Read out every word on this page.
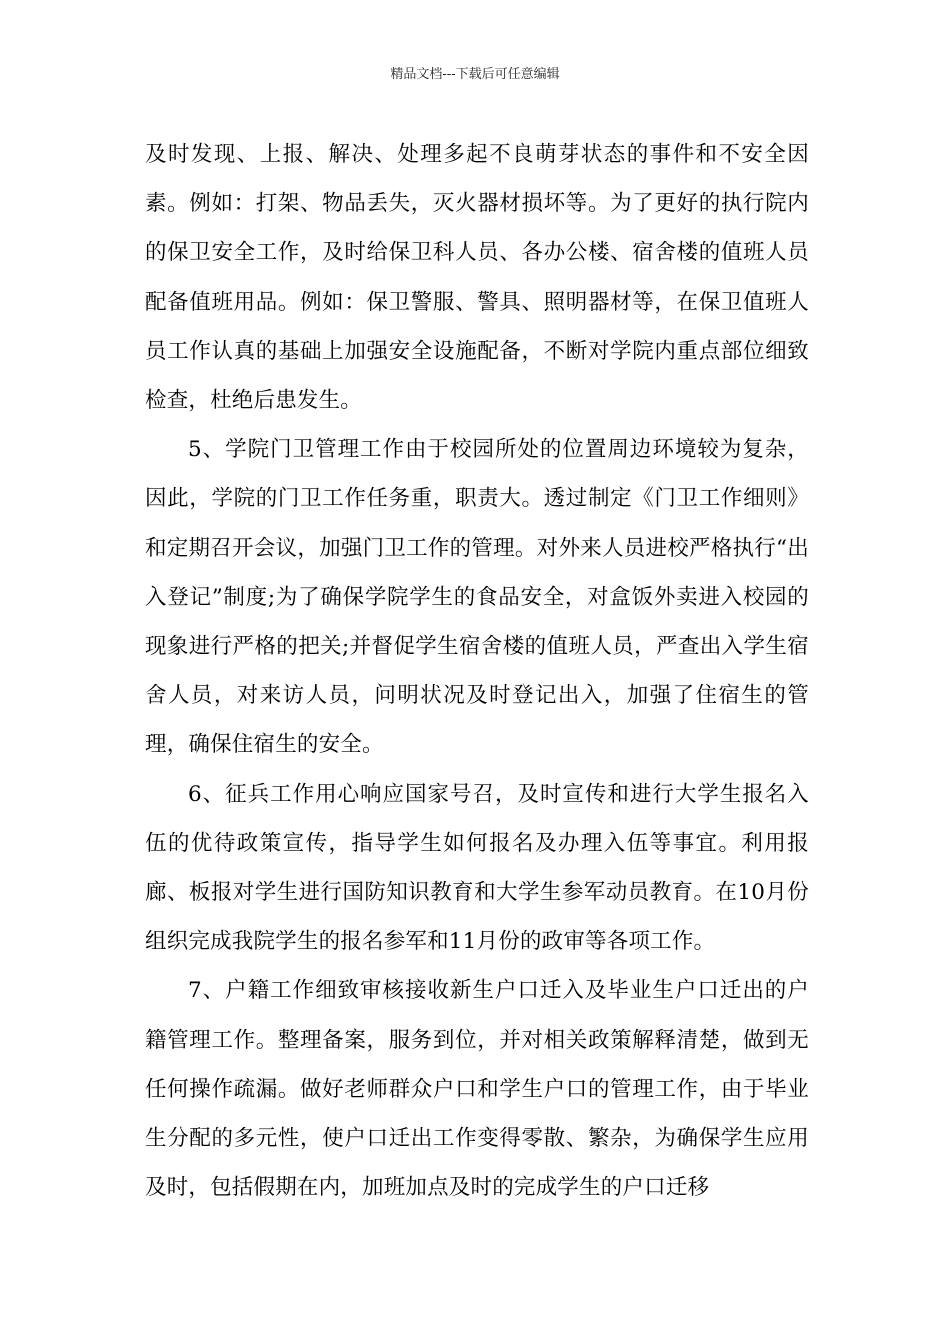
精品文档---下载后可任意编辑

及时发现、上报、解决、处理多起不良萌芽状态的事件和不安全因素。例如：打架、物品丢失，灭火器材损坏等。为了更好的执行院内的保卫安全工作，及时给保卫科人员、各办公楼、宿舍楼的值班人员配备值班用品。例如：保卫警服、警具、照明器材等，在保卫值班人员工作认真的基础上加强安全设施配备，不断对学院内重点部位细致检查，杜绝后患发生。

5、学院门卫管理工作由于校园所处的位置周边环境较为复杂，因此，学院的门卫工作任务重，职责大。透过制定《门卫工作细则》和定期召开会议，加强门卫工作的管理。对外来人员进校严格执行“出入登记”制度;为了确保学院学生的食品安全，对盒饭外卖进入校园的现象进行严格的把关;并督促学生宿舍楼的值班人员，严查出入学生宿舍人员，对来访人员，问明状况及时登记出入，加强了住宿生的管理，确保住宿生的安全。

6、征兵工作用心响应国家号召，及时宣传和进行大学生报名入伍的优待政策宣传，指导学生如何报名及办理入伍等事宜。利用报廊、板报对学生进行国防知识教育和大学生参军动员教育。在10月份组织完成我院学生的报名参军和11月份的政审等各项工作。

7、户籍工作细致审核接收新生户口迁入及毕业生户口迁出的户籍管理工作。整理备案，服务到位，并对相关政策解释清楚，做到无任何操作疏漏。做好老师群众户口和学生户口的管理工作，由于毕业生分配的多元性，使户口迁出工作变得零散、繁杂，为确保学生应用及时，包括假期在内，加班加点及时的完成学生的户口迁移
